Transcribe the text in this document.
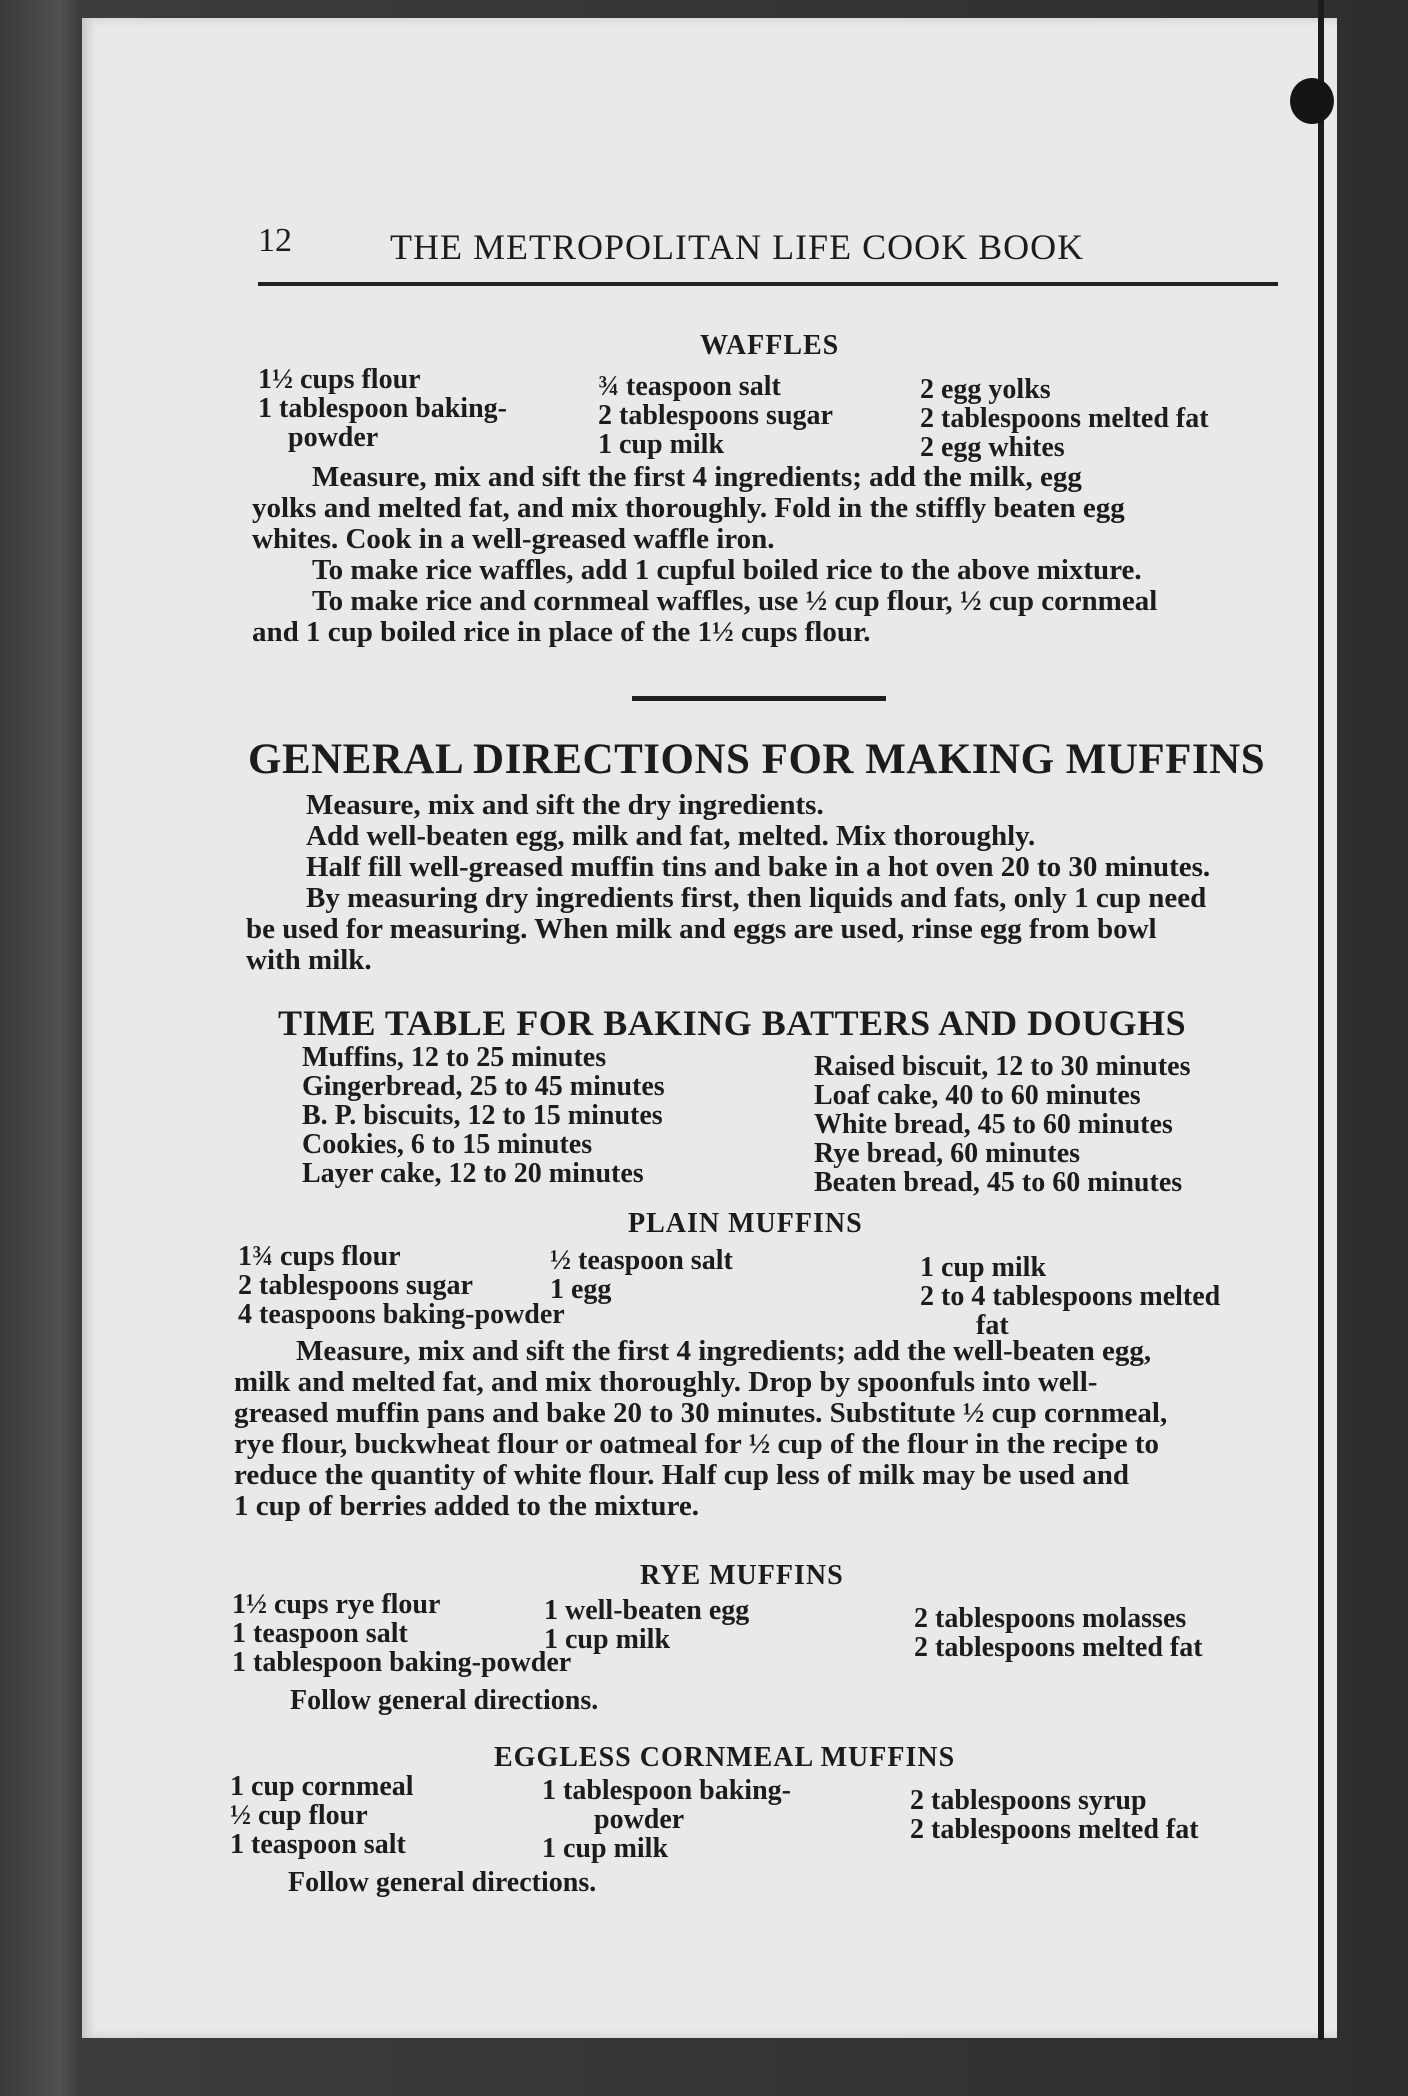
12	THE METROPOLITAN LIFE COOK BOOK
WAFFLES
1½ cups flour
1 tablespoon baking-
powder
¾ teaspoon salt
2 tablespoons sugar
1 cup milk
2 egg yolks
2 tablespoons melted fat
2 egg whites
Measure, mix and sift the first 4 ingredients; add the milk, egg
yolks and melted fat, and mix thoroughly. Fold in the stiffly beaten egg
whites. Cook in a well-greased waffle iron.
To make rice waffles, add 1 cupful boiled rice to the above mixture.
To make rice and cornmeal waffles, use ½ cup flour, ½ cup cornmeal
and 1 cup boiled rice in place of the 1½ cups flour.
GENERAL DIRECTIONS FOR MAKING MUFFINS
Measure, mix and sift the dry ingredients.
Add well-beaten egg, milk and fat, melted. Mix thoroughly.
Half fill well-greased muffin tins and bake in a hot oven 20 to 30 minutes.
By measuring dry ingredients first, then liquids and fats, only 1 cup need
be used for measuring. When milk and eggs are used, rinse egg from bowl
with milk.
TIME TABLE FOR BAKING BATTERS AND DOUGHS
Muffins, 12 to 25 minutes
Gingerbread, 25 to 45 minutes
B. P. biscuits, 12 to 15 minutes
Cookies, 6 to 15 minutes
Layer cake, 12 to 20 minutes
Raised biscuit, 12 to 30 minutes
Loaf cake, 40 to 60 minutes
White bread, 45 to 60 minutes
Rye bread, 60 minutes
Beaten bread, 45 to 60 minutes
PLAIN MUFFINS
1¾ cups flour
2 tablespoons sugar
4 teaspoons baking-powder
½ teaspoon salt
1 egg
1 cup milk
2 to 4 tablespoons melted
fat
Measure, mix and sift the first 4 ingredients; add the well-beaten egg,
milk and melted fat, and mix thoroughly. Drop by spoonfuls into well-
greased muffin pans and bake 20 to 30 minutes. Substitute ½ cup cornmeal,
rye flour, buckwheat flour or oatmeal for ½ cup of the flour in the recipe to
reduce the quantity of white flour. Half cup less of milk may be used and
1 cup of berries added to the mixture.
RYE MUFFINS
1½ cups rye flour
1 teaspoon salt
1 tablespoon baking-powder
1 well-beaten egg
1 cup milk
2 tablespoons molasses
2 tablespoons melted fat
Follow general directions.
EGGLESS CORNMEAL MUFFINS
1 cup cornmeal
½ cup flour
1 teaspoon salt
1 tablespoon baking-
powder
1 cup milk
2 tablespoons syrup
2 tablespoons melted fat
Follow general directions.
